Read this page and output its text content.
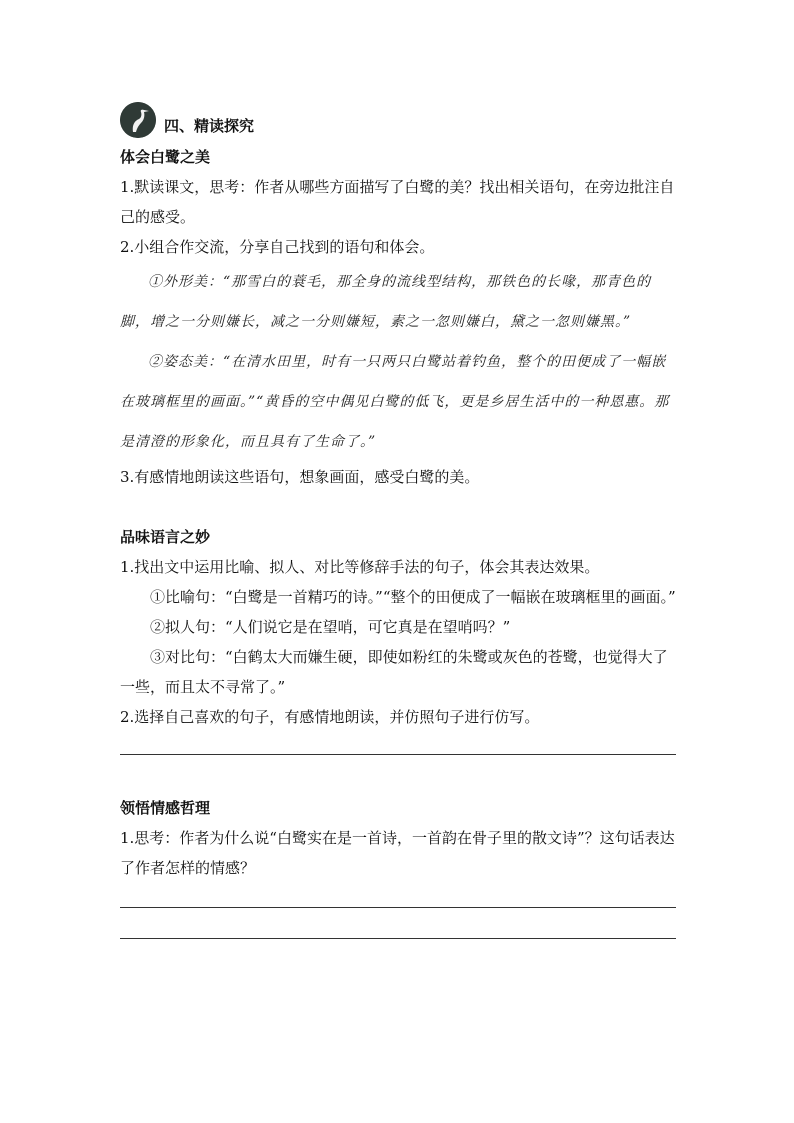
四、精读探究
体会白鹭之美

1.默读课文，思考：作者从哪些方面描写了白鹭的美？找出相关语句，在旁边批注自己的感受。

2.小组合作交流，分享自己找到的语句和体会。

①外形美：“那雪白的蓑毛，那全身的流线型结构，那铁色的长喙，那青色的脚，增之一分则嫌长，减之一分则嫌短，素之一忽则嫌白，黛之一忽则嫌黑。”

②姿态美：“在清水田里，时有一只两只白鹭站着钓鱼，整个的田便成了一幅嵌在玻璃框里的画面。”“黄昏的空中偶见白鹭的低飞，更是乡居生活中的一种恩惠。那是清澄的形象化，而且具有了生命了。”

3.有感情地朗读这些语句，想象画面，感受白鹭的美。

品味语言之妙

1.找出文中运用比喻、拟人、对比等修辞手法的句子，体会其表达效果。

①比喻句：“白鹭是一首精巧的诗。”“整个的田便成了一幅嵌在玻璃框里的画面。”

②拟人句：“人们说它是在望哨，可它真是在望哨吗？”

③对比句：“白鹤太大而嫌生硬，即使如粉红的朱鹭或灰色的苍鹭，也觉得大了一些，而且太不寻常了。”

2.选择自己喜欢的句子，有感情地朗读，并仿照句子进行仿写。

领悟情感哲理

1.思考：作者为什么说“白鹭实在是一首诗，一首韵在骨子里的散文诗”？这句话表达了作者怎样的情感？
